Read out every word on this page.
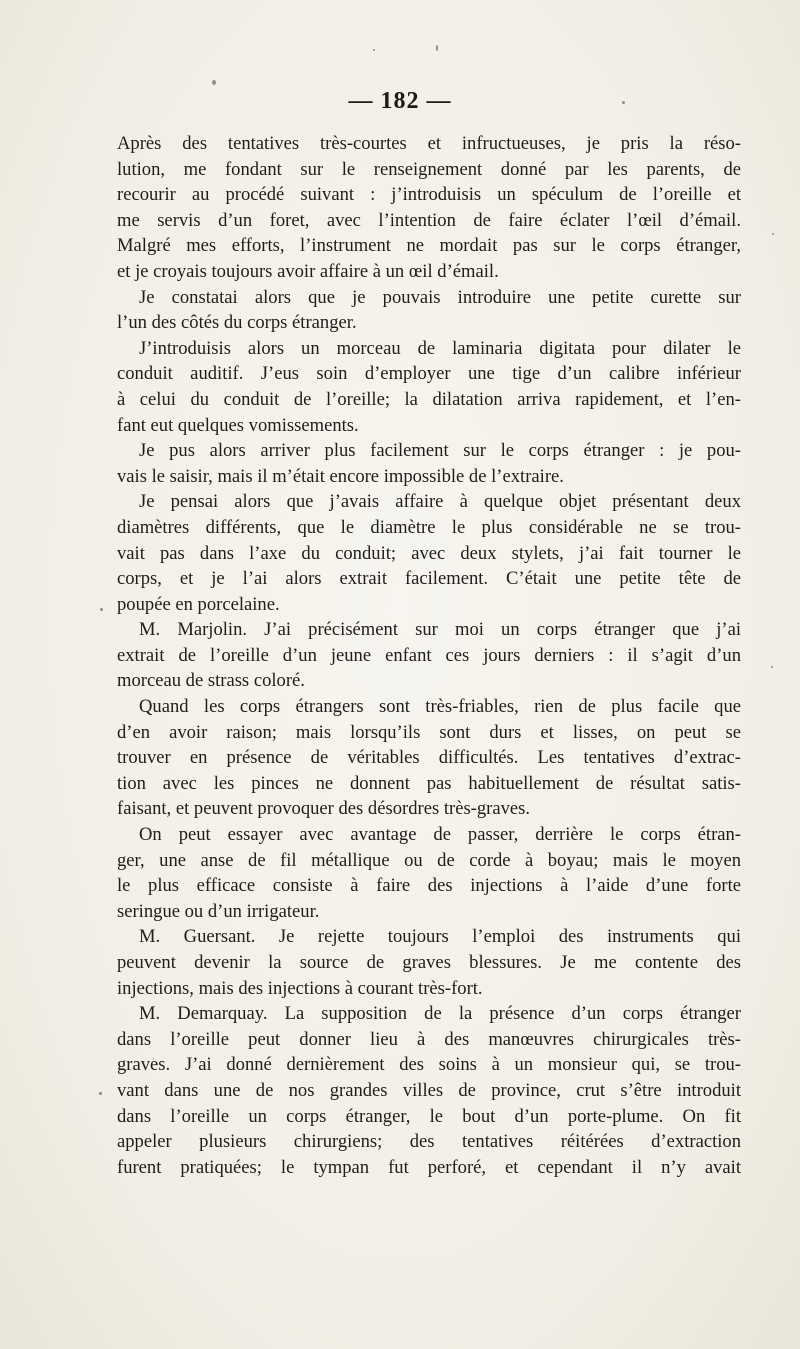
— 182 —
Après des tentatives très-courtes et infructueuses, je pris la réso-
lution, me fondant sur le renseignement donné par les parents, de
recourir au procédé suivant : j’introduisis un spéculum de l’oreille et
me servis d’un foret, avec l’intention de faire éclater l’œil d’émail.
Malgré mes efforts, l’instrument ne mordait pas sur le corps étranger,
et je croyais toujours avoir affaire à un œil d’émail.
Je constatai alors que je pouvais introduire une petite curette sur
l’un des côtés du corps étranger.
J’introduisis alors un morceau de laminaria digitata pour dilater le
conduit auditif. J’eus soin d’employer une tige d’un calibre inférieur
à celui du conduit de l’oreille; la dilatation arriva rapidement, et l’en-
fant eut quelques vomissements.
Je pus alors arriver plus facilement sur le corps étranger : je pou-
vais le saisir, mais il m’était encore impossible de l’extraire.
Je pensai alors que j’avais affaire à quelque objet présentant deux
diamètres différents, que le diamètre le plus considérable ne se trou-
vait pas dans l’axe du conduit; avec deux stylets, j’ai fait tourner le
corps, et je l’ai alors extrait facilement. C’était une petite tête de
poupée en porcelaine.
M. Marjolin. J’ai précisément sur moi un corps étranger que j’ai
extrait de l’oreille d’un jeune enfant ces jours derniers : il s’agit d’un
morceau de strass coloré.
Quand les corps étrangers sont très-friables, rien de plus facile que
d’en avoir raison; mais lorsqu’ils sont durs et lisses, on peut se
trouver en présence de véritables difficultés. Les tentatives d’extrac-
tion avec les pinces ne donnent pas habituellement de résultat satis-
faisant, et peuvent provoquer des désordres très-graves.
On peut essayer avec avantage de passer, derrière le corps étran-
ger, une anse de fil métallique ou de corde à boyau; mais le moyen
le plus efficace consiste à faire des injections à l’aide d’une forte
seringue ou d’un irrigateur.
M. Guersant. Je rejette toujours l’emploi des instruments qui
peuvent devenir la source de graves blessures. Je me contente des
injections, mais des injections à courant très-fort.
M. Demarquay. La supposition de la présence d’un corps étranger
dans l’oreille peut donner lieu à des manœuvres chirurgicales très-
graves. J’ai donné dernièrement des soins à un monsieur qui, se trou-
vant dans une de nos grandes villes de province, crut s’être introduit
dans l’oreille un corps étranger, le bout d’un porte-plume. On fit
appeler plusieurs chirurgiens; des tentatives réitérées d’extraction
furent pratiquées; le tympan fut perforé, et cependant il n’y avait
